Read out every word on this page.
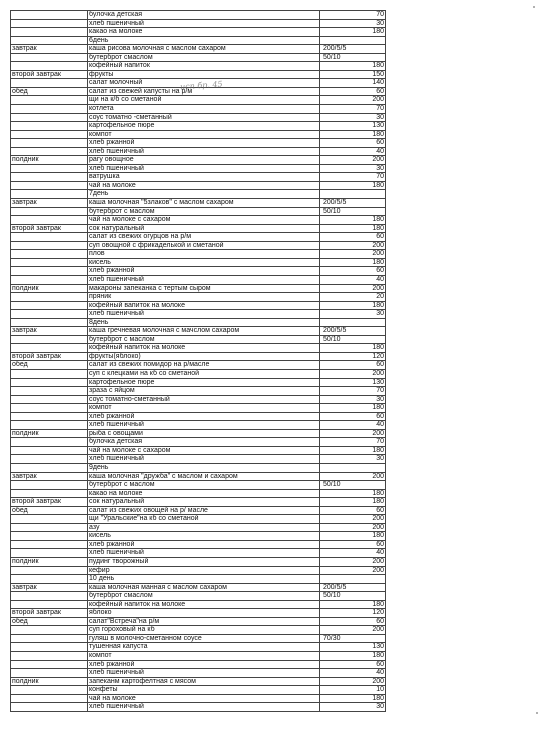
	булочка детская	70
	хлеб пшеничный	30
	какао на молоке	180
	6день	
завтрак	каша рисова молочная с маслом сахаром	200/5/5
	бутерброт смаслом	50/10
	кофейный напиток	180
второй завтрак	фрукты	150
	салат молочный	140
обед	салат из свежей капусты на р/м	60
	щи на к/б со сметаной	200
	котлета	70
	соус томатно -сметанный	30
	картофельное пюре	130
	компот	180
	хлеб ржанной	60
	хлеб пшеничный	40
полдник	рагу овощное	200
	хлеб пшеничный	30
	ватрушка	70
	чай на молоке	180
	7день	
завтрак	каша молочная "5злаков" с маслом сахаром	200/5/5
	бутерброт с маслом	50/10
	чай на молоке с сахаром	180
второй завтрак	сок натуральный	180
	салат из свежих огурцов на р/м	60
	суп овощной с фрикаделькой и сметаной	200
	плов	200
	кисель	180
	хлеб ржанной	60
	хлеб пшеничный	40
полдник	макароны запеканка с тертым сыром	200
	пряник	20
	кофейный вапиток на молоке	180
	хлеб пшеничный	30
	8день	
завтрак	каша гречневая молочная с мачслом сахаром	200/5/5
	бутерброт с маслом	50/10
	кофейный напиток на молоке	180
второй завтрак	фрукты(яблоко)	120
обед	салат из свежих помидор на р/масле	60
	суп с клецками на кб со сметаной	200
	картофельное пюре	130
	зраза с яйцом	70
	соус томатно-сметанный	30
	компот	180
	хлеб ржанной	60
	хлеб пшеничный	40
полдник	рыба с овощами	200
	булочка детская	70
	чай на молоке с сахаром	180
	хлеб пшеничный	30
	9день	
завтрак	каша молочная "дружба" с маслом и сахаром	200
	бутерброт с маслом	50/10
	какао на молоке	180
второй завтрак	сок натуральный	180
обед	салат из свежих овощей на р/ масле	60
	щи "Уральские"на кб со сметаной	200
	азу	200
	кисель	180
	хлеб ржанной	60
	хлеб пшеничный	40
полдник	пудинг творожный	200
	кефир	200
	10 день	
завтрак	каша молочная манная с маслом сахаром	200/5/5
	бутерброт смаслом	50/10
	кофейный напиток на молоке	180
второй завтрак	яблоко	120
обед	салат"Встреча"на р/м	60
	суп гороховый на кб	200
	гуляш в молочно-сметанном соусе	70/30
	тушенная капуста	130
	компот	180
	хлеб ржанной	60
	хлеб пшеничный	40
полдник	запеканм картофелтная с мясом	200
	конфеты	10
	чай на молоке	180
	хлеб пшеничный	30
исп бр. 45
